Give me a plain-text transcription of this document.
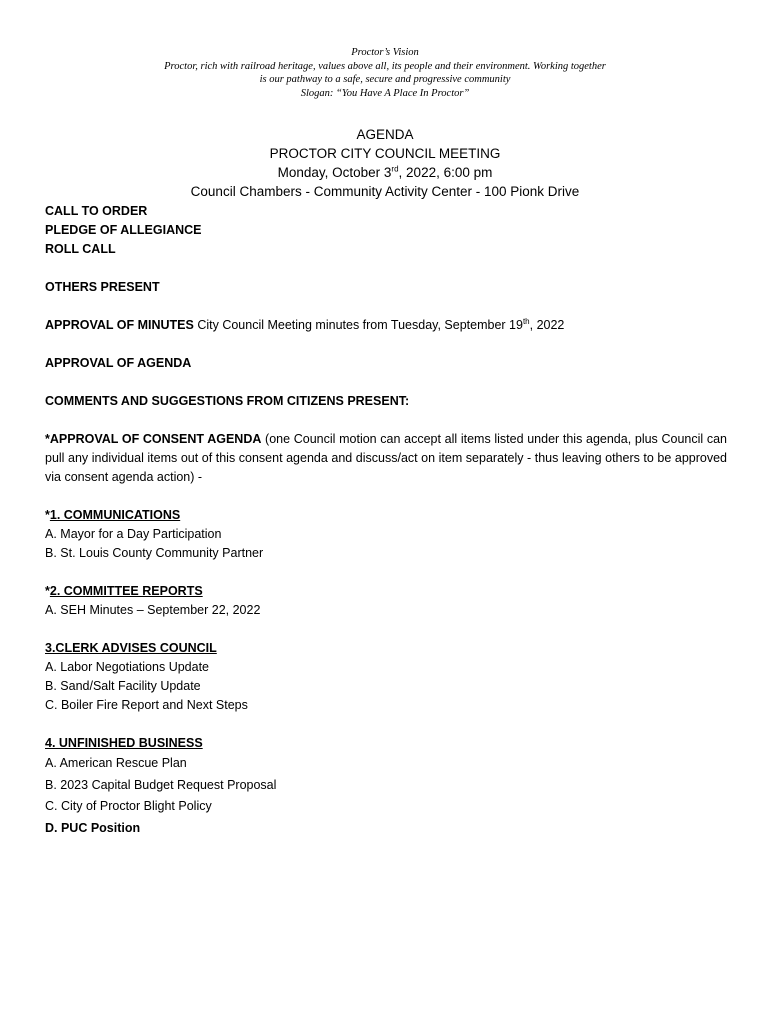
Proctor’s Vision
Proctor, rich with railroad heritage, values above all, its people and their environment. Working together
is our pathway to a safe, secure and progressive community
Slogan: “You Have A Place In Proctor”
AGENDA
PROCTOR CITY COUNCIL MEETING
Monday, October 3rd, 2022, 6:00 pm
Council Chambers - Community Activity Center - 100 Pionk Drive
CALL TO ORDER
PLEDGE OF ALLEGIANCE
ROLL CALL
OTHERS PRESENT
APPROVAL OF MINUTES City Council Meeting minutes from Tuesday, September 19th, 2022
APPROVAL OF AGENDA
COMMENTS AND SUGGESTIONS FROM CITIZENS PRESENT:
*APPROVAL OF CONSENT AGENDA (one Council motion can accept all items listed under this agenda, plus Council can pull any individual items out of this consent agenda and discuss/act on item separately - thus leaving others to be approved via consent agenda action) -
*1. COMMUNICATIONS
A. Mayor for a Day Participation
B. St. Louis County Community Partner
*2. COMMITTEE REPORTS
A. SEH Minutes – September 22, 2022
3.CLERK ADVISES COUNCIL
A. Labor Negotiations Update
B. Sand/Salt Facility Update
C. Boiler Fire Report and Next Steps
4. UNFINISHED BUSINESS
A. American Rescue Plan
B. 2023 Capital Budget Request Proposal
C. City of Proctor Blight Policy
D. PUC Position
